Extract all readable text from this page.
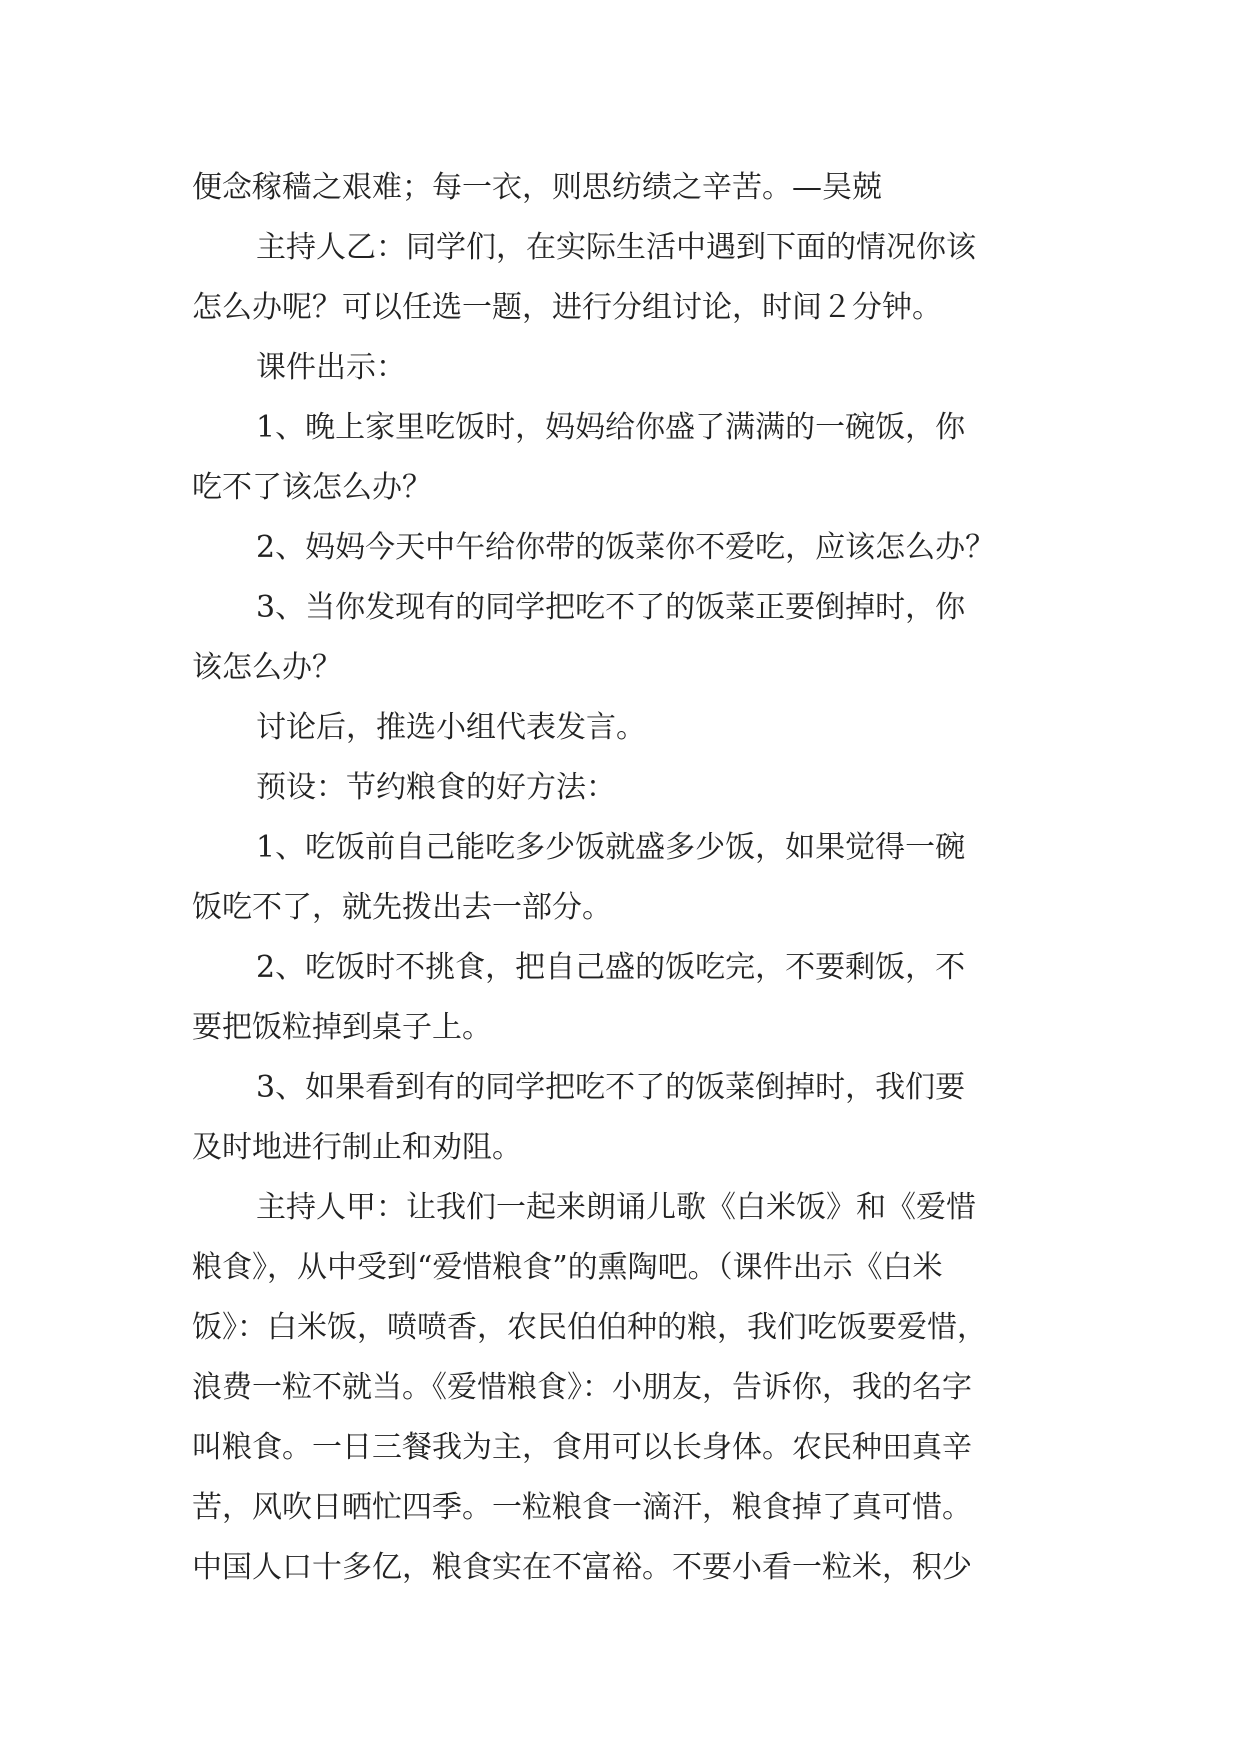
便念稼穑之艰难；每一衣，则思纺绩之辛苦。—吴兢
主持人乙：同学们，在实际生活中遇到下面的情况你该
怎么办呢？可以任选一题，进行分组讨论，时间２分钟。
课件出示：
1、晚上家里吃饭时，妈妈给你盛了满满的一碗饭，你
吃不了该怎么办？
2、妈妈今天中午给你带的饭菜你不爱吃，应该怎么办？
3、当你发现有的同学把吃不了的饭菜正要倒掉时，你
该怎么办？
讨论后，推选小组代表发言。
预设：节约粮食的好方法：
1、吃饭前自己能吃多少饭就盛多少饭，如果觉得一碗
饭吃不了，就先拨出去一部分。
2、吃饭时不挑食，把自己盛的饭吃完，不要剩饭，不
要把饭粒掉到桌子上。
3、如果看到有的同学把吃不了的饭菜倒掉时，我们要
及时地进行制止和劝阻。
主持人甲：让我们一起来朗诵儿歌《白米饭》和《爱惜
粮食》，从中受到“爱惜粮食”的熏陶吧。（课件出示《白米
饭》：白米饭，喷喷香，农民伯伯种的粮，我们吃饭要爱惜，
浪费一粒不就当。《爱惜粮食》：小朋友，告诉你，我的名字
叫粮食。一日三餐我为主，食用可以长身体。农民种田真辛
苦，风吹日晒忙四季。一粒粮食一滴汗，粮食掉了真可惜。
中国人口十多亿，粮食实在不富裕。不要小看一粒米，积少
